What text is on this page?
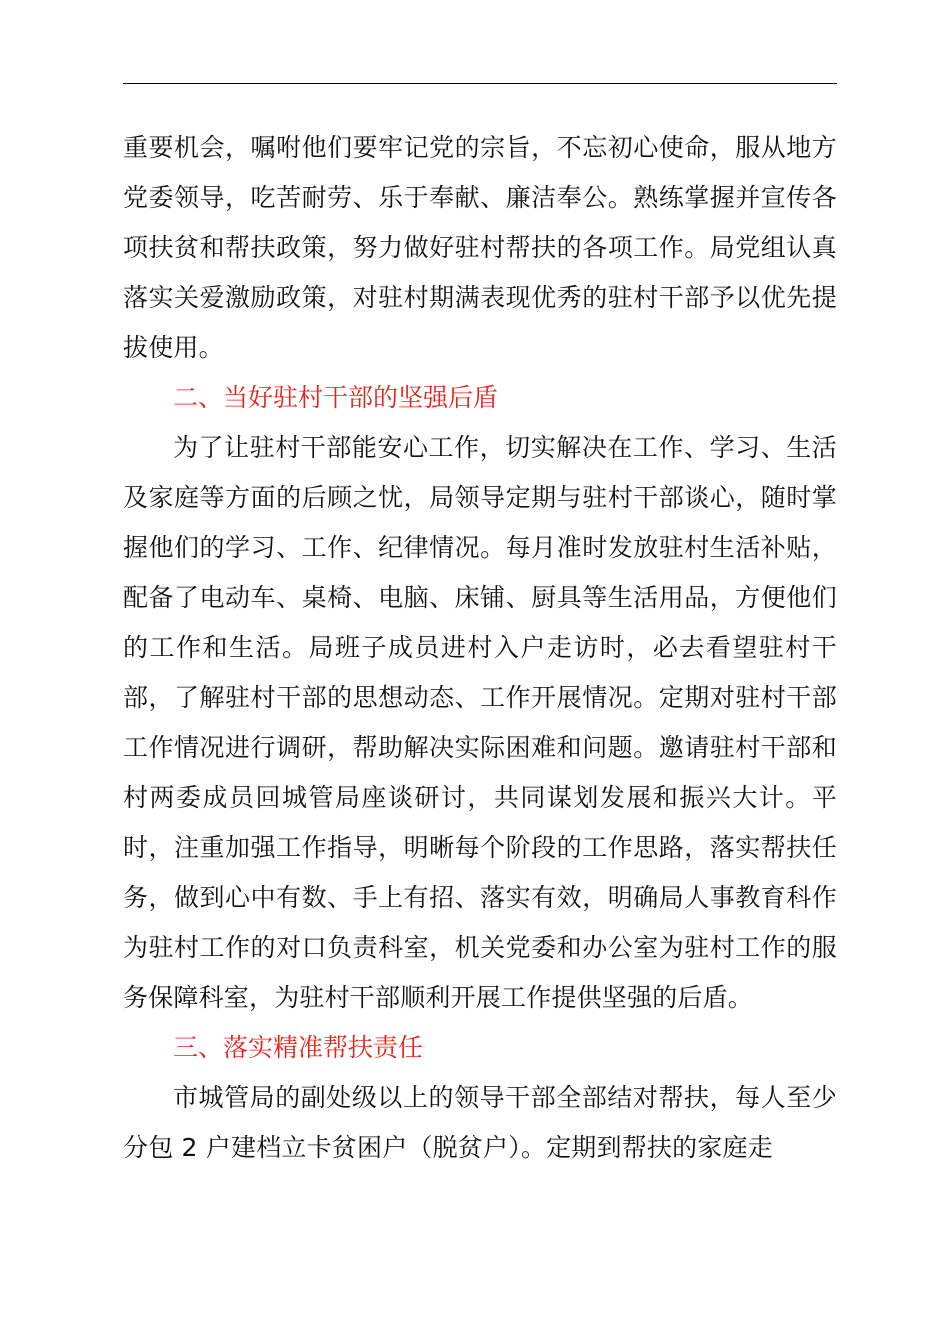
重要机会，嘱咐他们要牢记党的宗旨，不忘初心使命，服从地方党委领导，吃苦耐劳、乐于奉献、廉洁奉公。熟练掌握并宣传各项扶贫和帮扶政策，努力做好驻村帮扶的各项工作。局党组认真落实关爱激励政策，对驻村期满表现优秀的驻村干部予以优先提拔使用。

二、当好驻村干部的坚强后盾

为了让驻村干部能安心工作，切实解决在工作、学习、生活及家庭等方面的后顾之忧，局领导定期与驻村干部谈心，随时掌握他们的学习、工作、纪律情况。每月准时发放驻村生活补贴，配备了电动车、桌椅、电脑、床铺、厨具等生活用品，方便他们的工作和生活。局班子成员进村入户走访时，必去看望驻村干部，了解驻村干部的思想动态、工作开展情况。定期对驻村干部工作情况进行调研，帮助解决实际困难和问题。邀请驻村干部和村两委成员回城管局座谈研讨，共同谋划发展和振兴大计。平时，注重加强工作指导，明晰每个阶段的工作思路，落实帮扶任务，做到心中有数、手上有招、落实有效，明确局人事教育科作为驻村工作的对口负责科室，机关党委和办公室为驻村工作的服务保障科室，为驻村干部顺利开展工作提供坚强的后盾。

三、落实精准帮扶责任

市城管局的副处级以上的领导干部全部结对帮扶，每人至少分包 2 户建档立卡贫困户（脱贫户）。定期到帮扶的家庭走
